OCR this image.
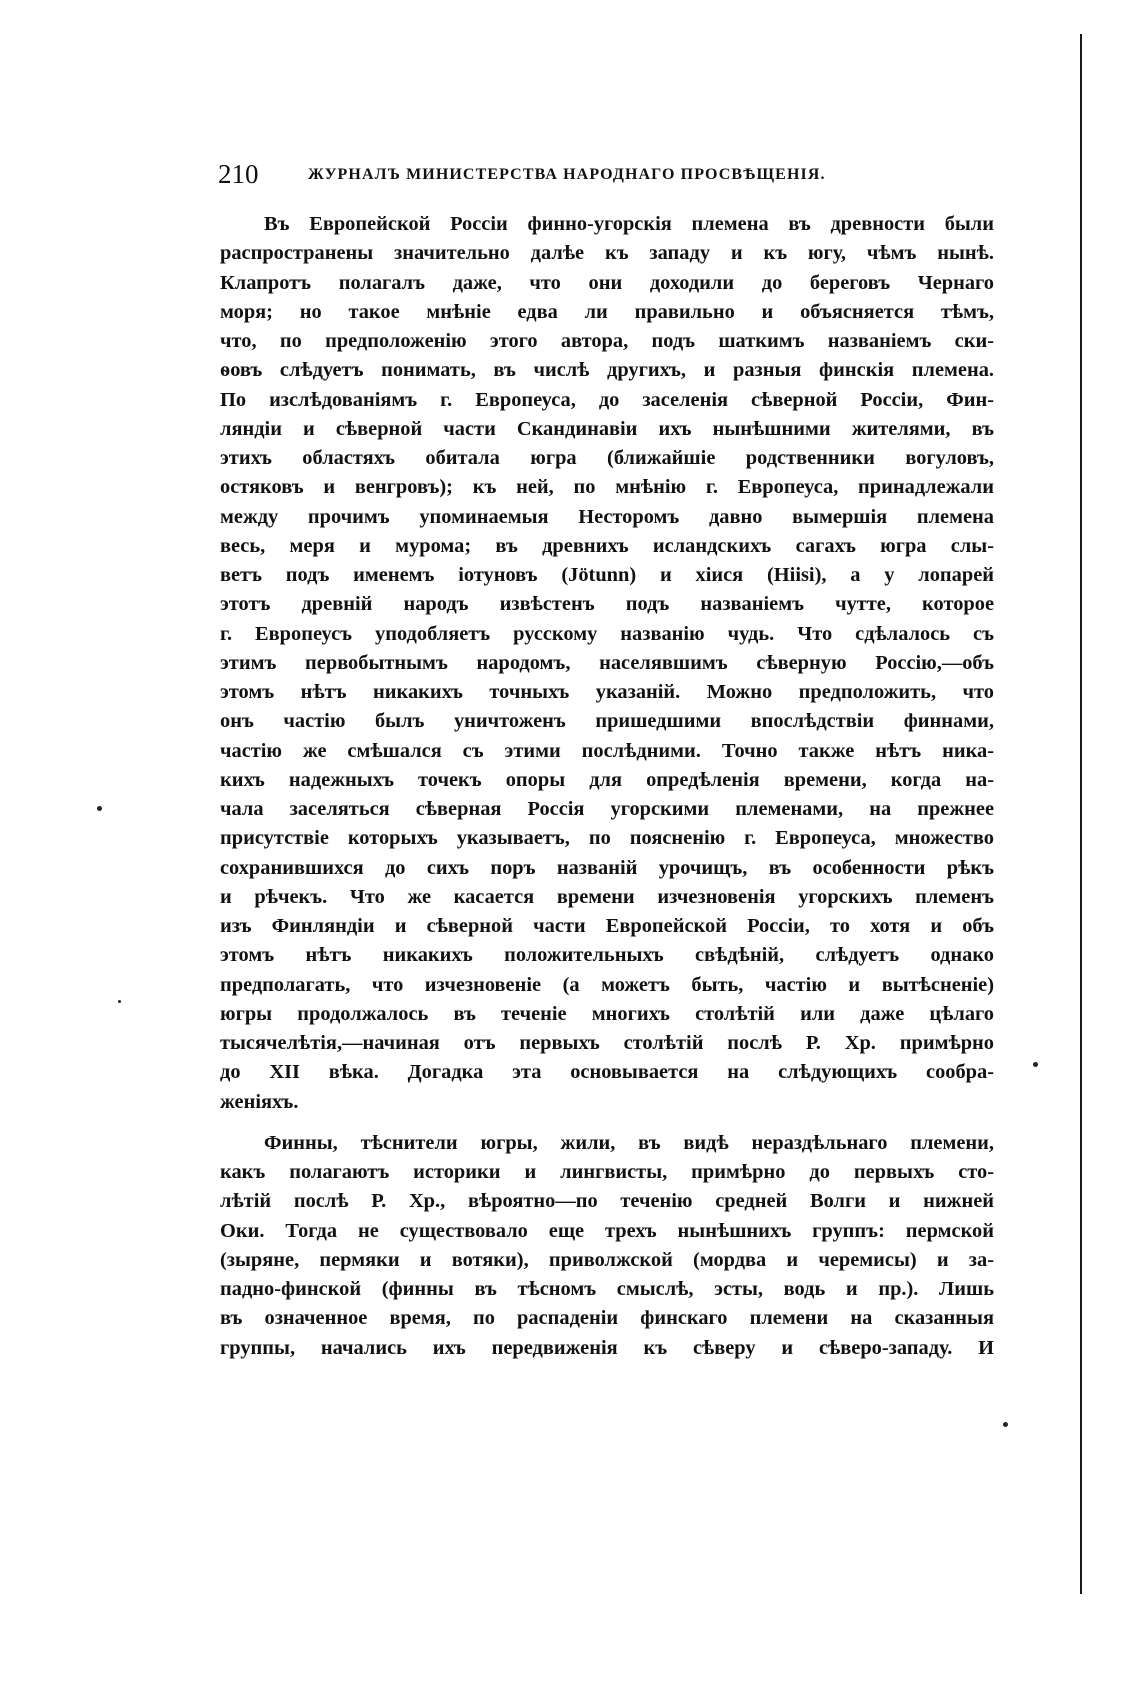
210	ЖУРНАЛЪ МИНИСТЕРСТВА НАРОДНАГО ПРОСВѢЩЕНІЯ.
Въ Европейской Россіи финно-угорскія племена въ древности были
распространены значительно далѣе къ западу и къ югу, чѣмъ нынѣ.
Клапротъ полагалъ даже, что они доходили до береговъ Чернаго
моря; но такое мнѣніе едва ли правильно и объясняется тѣмъ,
что, по предположенію этого автора, подъ шаткимъ названіемъ ски-
ѳовъ слѣдуетъ понимать, въ числѣ другихъ, и разныя финскія племена.
По изслѣдованіямъ г. Европеуса, до заселенія сѣверной Россіи, Фин-
ляндіи и сѣверной части Скандинавіи ихъ нынѣшними жителями, въ
этихъ областяхъ обитала югра (ближайшіе родственники вогуловъ,
остяковъ и венгровъ); къ ней, по мнѣнію г. Европеуса, принадлежали
между прочимъ упоминаемыя Несторомъ давно вымершія племена
весь, меря и мурома; въ древнихъ исландскихъ сагахъ югра слы-
ветъ подъ именемъ іотуновъ (Jötunn) и хіися (Hiisi), а у лопарей
этотъ древній народъ извѣстенъ подъ названіемъ чутте, которое
г. Европеусъ уподобляетъ русскому названію чудь. Что сдѣлалось съ
этимъ первобытнымъ народомъ, населявшимъ сѣверную Россію,—объ
этомъ нѣтъ никакихъ точныхъ указаній. Можно предположить, что
онъ частію былъ уничтоженъ пришедшими впослѣдствіи финнами,
частію же смѣшался съ этими послѣдними. Точно также нѣтъ ника-
кихъ надежныхъ точекъ опоры для опредѣленія времени, когда на-
чала заселяться сѣверная Россія угорскими племенами, на прежнее
присутствіе которыхъ указываетъ, по поясненію г. Европеуса, множество
сохранившихся до сихъ поръ названій урочищъ, въ особенности рѣкъ
и рѣчекъ. Что же касается времени изчезновенія угорскихъ племенъ
изъ Финляндіи и сѣверной части Европейской Россіи, то хотя и объ
этомъ нѣтъ никакихъ положительныхъ свѣдѣній, слѣдуетъ однако
предполагать, что изчезновеніе (а можетъ быть, частію и вытѣсненіе)
югры продолжалось въ теченіе многихъ столѣтій или даже цѣлаго
тысячелѣтія,—начиная отъ первыхъ столѣтій послѣ Р. Хр. примѣрно
до XII вѣка. Догадка эта основывается на слѣдующихъ сообра-
женіяхъ.
Финны, тѣснители югры, жили, въ видѣ нераздѣльнаго племени,
какъ полагаютъ историки и лингвисты, примѣрно до первыхъ сто-
лѣтій послѣ Р. Хр., вѣроятно—по теченію средней Волги и нижней
Оки. Тогда не существовало еще трехъ нынѣшнихъ группъ: пермской
(зыряне, пермяки и вотяки), приволжской (мордва и черемисы) и за-
падно-финской (финны въ тѣсномъ смыслѣ, эсты, водь и пр.). Лишь
въ означенное время, по распаденіи финскаго племени на сказанныя
группы, начались ихъ передвиженія къ сѣверу и сѣверо-западу. И
